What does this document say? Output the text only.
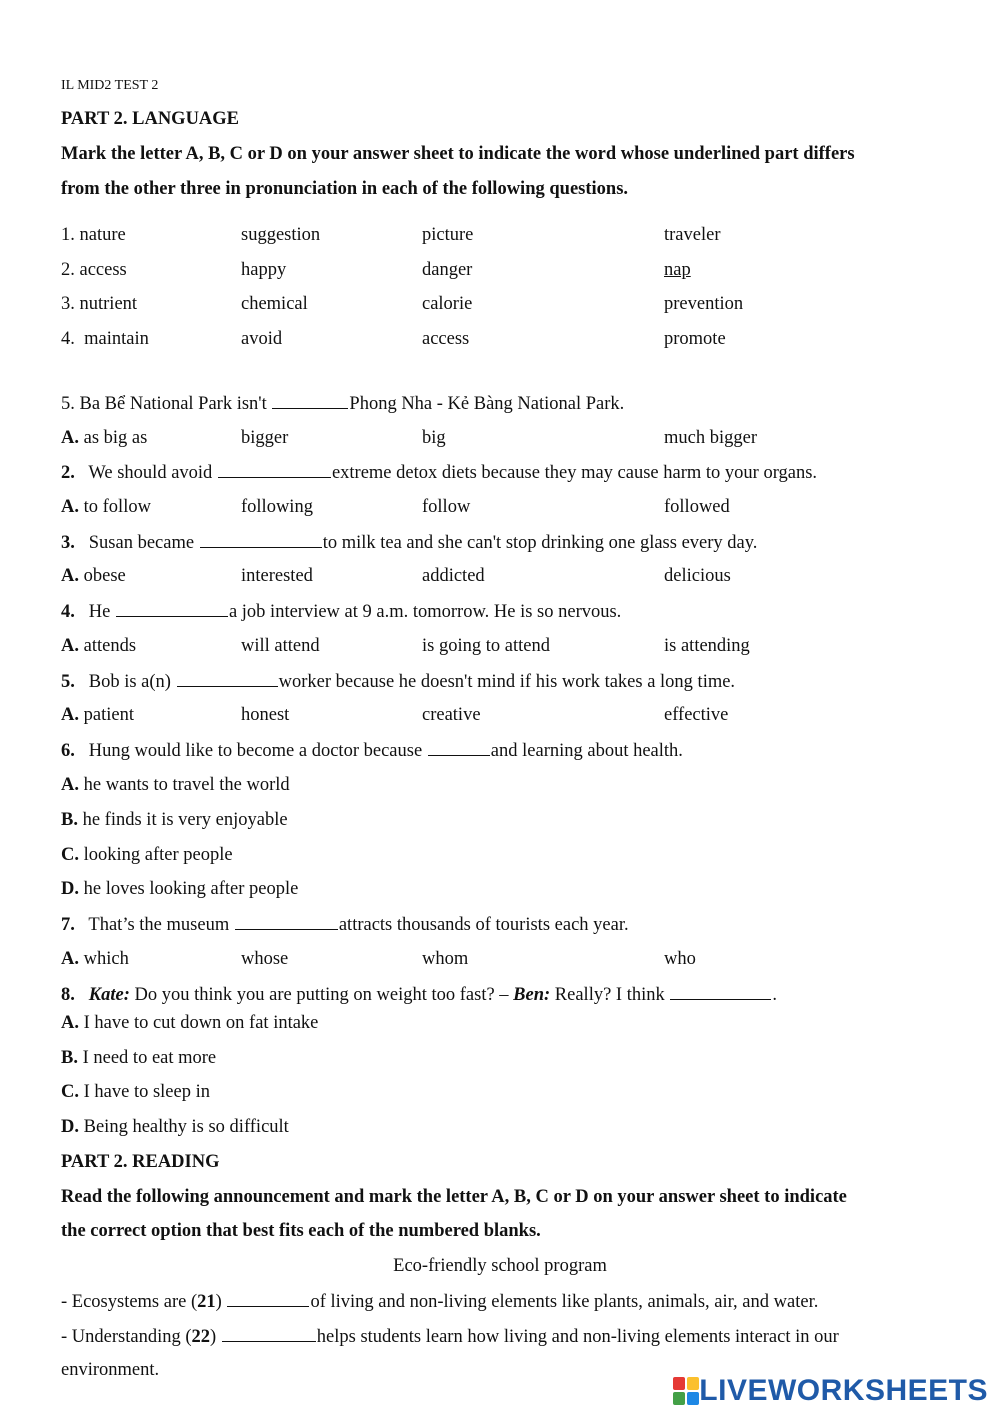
IL MID2 TEST 2
PART 2. LANGUAGE
Mark the letter A, B, C or D on your answer sheet to indicate the word whose underlined part differs
from the other three in pronunciation in each of the following questions.
1. nature	suggestion	picture	traveler
2. access	happy	danger	nap
3. nutrient	chemical	calorie	prevention
4. maintain	avoid	access	promote
5. Ba Bể National Park isn't	Phong Nha - Kẻ Bàng National Park.
A. as big as	bigger	big	much bigger
2. We should avoid	extreme detox diets because they may cause harm to your organs.
A. to follow	following	follow	followed
3. Susan became	to milk tea and she can't stop drinking one glass every day.
A. obese	interested	addicted	delicious
4. He	a job interview at 9 a.m. tomorrow. He is so nervous.
A. attends	will attend	is going to attend	is attending
5. Bob is a(n)	worker because he doesn't mind if his work takes a long time.
A. patient	honest	creative	effective
6. Hung would like to become a doctor because	and learning about health.
A. he wants to travel the world
B. he finds it is very enjoyable
C. looking after people
D. he loves looking after people
7. That’s the museum	attracts thousands of tourists each year.
A. which	whose	whom	who
8. Kate: Do you think you are putting on weight too fast? – Ben: Really? I think	.
A. I have to cut down on fat intake
B. I need to eat more
C. I have to sleep in
D. Being healthy is so difficult
PART 2. READING
Read the following announcement and mark the letter A, B, C or D on your answer sheet to indicate
the correct option that best fits each of the numbered blanks.
Eco-friendly school program
- Ecosystems are (21)	of living and non-living elements like plants, animals, air, and water.
- Understanding (22)	helps students learn how living and non-living elements interact in our
environment.
LIVEWORKSHEETS
